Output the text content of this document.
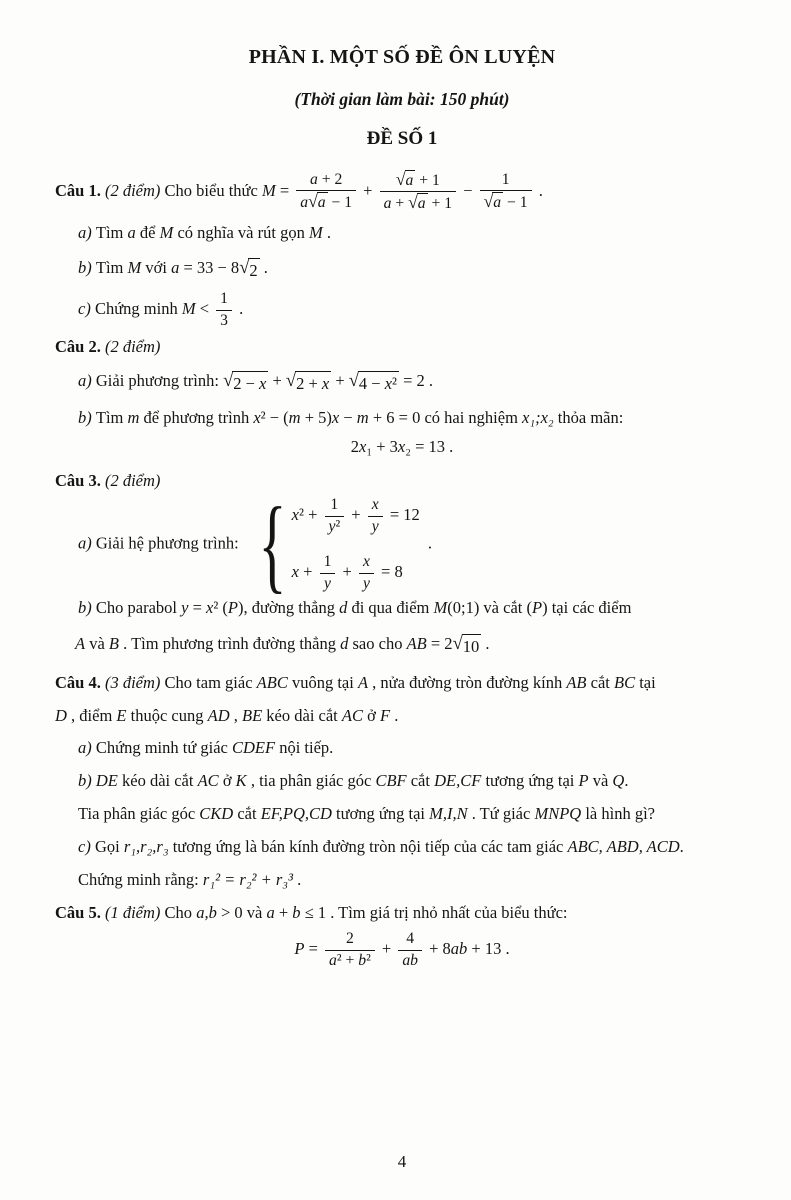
PHẦN I. MỘT SỐ ĐỀ ÔN LUYỆN
(Thời gian làm bài: 150 phút)
ĐỀ SỐ 1
Câu 1. (2 điểm) Cho biểu thức $M = \frac{a + 2}{a √ a - 1} + \frac{√ a + 1}{a + √ a + 1} - \frac{1}{√ a - 1}$ .
a) Tìm a để M có nghĩa và rút gọn M .
b) Tìm M với a = 33 − 8 √ 2 .
c) Chứng minh $M < \frac{1}{3}$ .
Câu 2. (2 điểm)
a) Giải phương trình: √ 2 − x + √ 2 + x + √ 4 − x² = 2 .
b) Tìm m để phương trình x² − (m + 5)x − m + 6 = 0 có hai nghiệm x₁;x₂ thỏa mãn:
2x₁ + 3x₂ = 13 .
Câu 3. (2 điểm)
a) Giải hệ phương trình: { $x^2 + \frac{1}{\text{y²}} + \frac{x}{y} = 12$
$x + \frac{1}{y} + \frac{x}{y} = 8$
.
b) Cho parabol y = x² (P), đường thẳng d đi qua điểm M(0;1) và cắt (P) tại các điểm
A và B . Tìm phương trình đường thẳng d sao cho AB = 2 √ 10 .
Câu 4. (3 điểm) Cho tam giác ABC vuông tại A , nửa đường tròn đường kính AB cắt BC tại
D , điểm E thuộc cung AD , BE kéo dài cắt AC ở F .
a) Chứng minh tứ giác CDEF nội tiếp.
b) DE kéo dài cắt AC ở K , tia phân giác góc CBF cắt DE,CF tương ứng tại P và Q.
Tia phân giác góc CKD cắt EF,PQ,CD tương ứng tại M,I,N . Tứ giác MNPQ là hình gì?
c) Gọi r₁,r₂,r₃ tương ứng là bán kính đường tròn nội tiếp của các tam giác ABC, ABD, ACD.
Chứng minh rằng: r₁² = r₂² + r₃³ .
Câu 5. (1 điểm) Cho a,b > 0 và a + b ≤ 1 . Tìm giá trị nhỏ nhất của biểu thức:
$P = \frac{2}{\text{a² + b²}} + \frac{4}{ab} + 8ab + 13$ .
4
